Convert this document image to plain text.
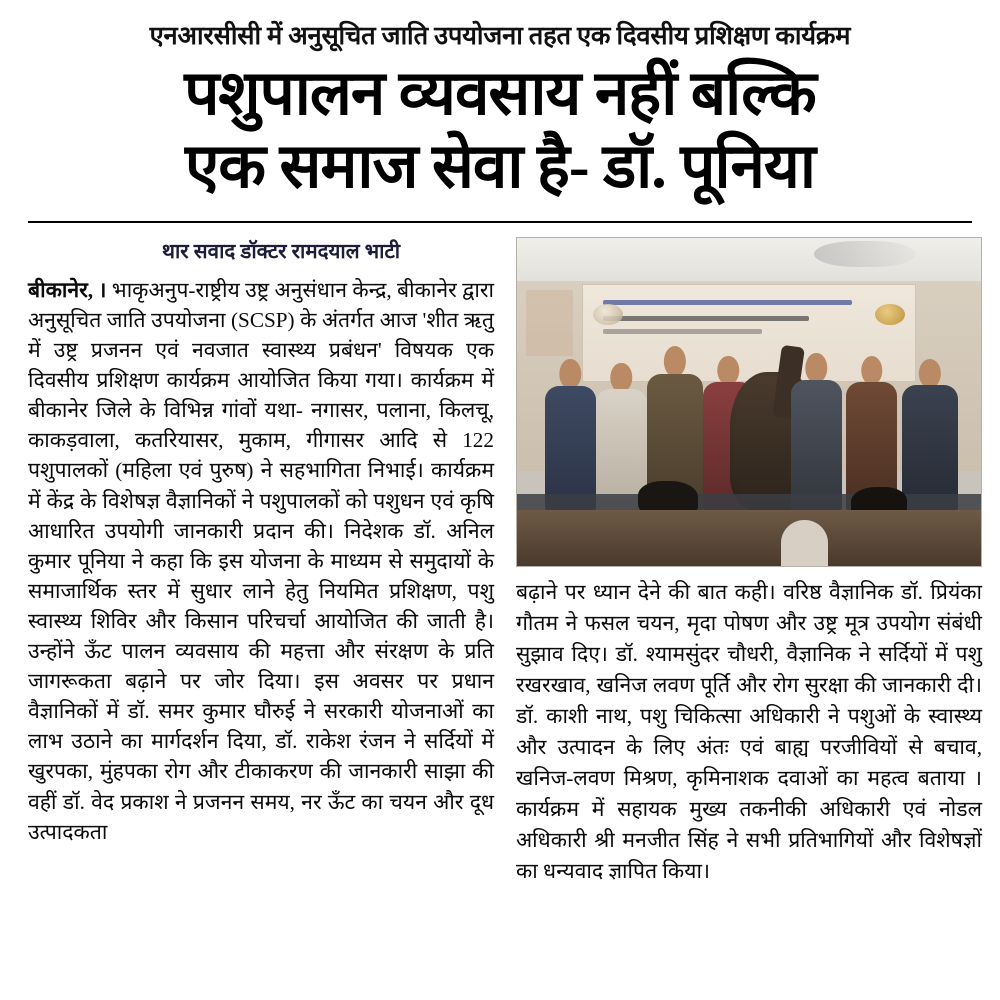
एनआरसीसी में अनुसूचित जाति उपयोजना तहत एक दिवसीय प्रशिक्षण कार्यक्रम
पशुपालन व्यवसाय नहीं बल्कि
एक समाज सेवा है- डॉ. पूनिया
थार सवाद डॉक्टर रामदयाल भाटी

बीकानेर, । भाकृअनुप-राष्ट्रीय उष्ट्र अनुसंधान केन्द्र, बीकानेर द्वारा अनुसूचित जाति उपयोजना (SCSP) के अंतर्गत आज 'शीत ऋतु में उष्ट्र प्रजनन एवं नवजात स्वास्थ्य प्रबंधन' विषयक एक दिवसीय प्रशिक्षण कार्यक्रम आयोजित किया गया। कार्यक्रम में बीकानेर जिले के विभिन्न गांवों यथा- नगासर, पलाना, किलचू, काकड़वाला, कतरियासर, मुकाम, गीगासर आदि से 122 पशुपालकों (महिला एवं पुरुष) ने सहभागिता निभाई। कार्यक्रम में केंद्र के विशेषज्ञ वैज्ञानिकों ने पशुपालकों को पशुधन एवं कृषि आधारित उपयोगी जानकारी प्रदान की। निदेशक डॉ. अनिल कुमार पूनिया ने कहा कि इस योजना के माध्यम से समुदायों के समाजार्थिक स्तर में सुधार लाने हेतु नियमित प्रशिक्षण, पशु स्वास्थ्य शिविर और किसान परिचर्चा आयोजित की जाती है। उन्होंने ऊँट पालन व्यवसाय की महत्ता और संरक्षण के प्रति जागरूकता बढ़ाने पर जोर दिया। इस अवसर पर प्रधान वैज्ञानिकों में डॉ. समर कुमार घौरुई ने सरकारी योजनाओं का लाभ उठाने का मार्गदर्शन दिया, डॉ. राकेश रंजन ने सर्दियों में खुरपका, मुंहपका रोग और टीकाकरण की जानकारी साझा की वहीं डॉ. वेद प्रकाश ने प्रजनन समय, नर ऊँट का चयन और दूध उत्पादकता

बढ़ाने पर ध्यान देने की बात कही। वरिष्ठ वैज्ञानिक डॉ. प्रियंका गौतम ने फसल चयन, मृदा पोषण और उष्ट्र मूत्र उपयोग संबंधी सुझाव दिए। डॉ. श्यामसुंदर चौधरी, वैज्ञानिक ने सर्दियों में पशु रखरखाव, खनिज लवण पूर्ति और रोग सुरक्षा की जानकारी दी। डॉ. काशी नाथ, पशु चिकित्सा अधिकारी ने पशुओं के स्वास्थ्य और उत्पादन के लिए अंतः एवं बाह्य परजीवियों से बचाव, खनिज-लवण मिश्रण, कृमिनाशक दवाओं का महत्व बताया । कार्यक्रम में सहायक मुख्य तकनीकी अधिकारी एवं नोडल अधिकारी श्री मनजीत सिंह ने सभी प्रतिभागियों और विशेषज्ञों का धन्यवाद ज्ञापित किया।
